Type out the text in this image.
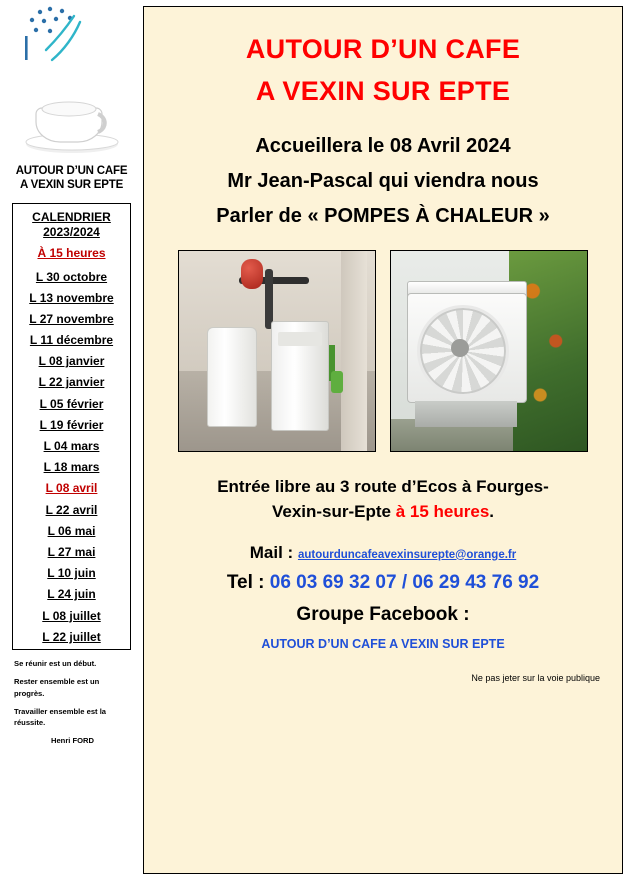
AUTOUR D’UN CAFE
A VEXIN SUR EPTE
CALENDRIER
2023/2024
À 15 heures
L 30 octobre
L 13 novembre
L 27 novembre
L 11 décembre
L 08 janvier
L 22 janvier
L 05 février
L 19 février
L 04 mars
L 18 mars
L 08 avril
L 22 avril
L 06 mai
L 27 mai
L 10 juin
L 24 juin
L 08 juillet
L 22 juillet

Se réunir est un début.

Rester ensemble est un progrès.

Travailler ensemble est la réussite.

Henri FORD
AUTOUR D’UN CAFE
A VEXIN SUR EPTE
Accueillera le 08 Avril 2024
Mr Jean-Pascal qui viendra nous
Parler de « POMPES À CHALEUR »
Entrée libre au 3 route d’Ecos à Fourges-
Vexin-sur-Epte à 15 heures.
Mail : autourduncafeavexinsurepte@orange.fr
Tel : 06 03 69 32 07 / 06 29 43 76 92
Groupe Facebook :
AUTOUR D’UN CAFE A VEXIN SUR EPTE
Ne pas jeter sur la voie publique
